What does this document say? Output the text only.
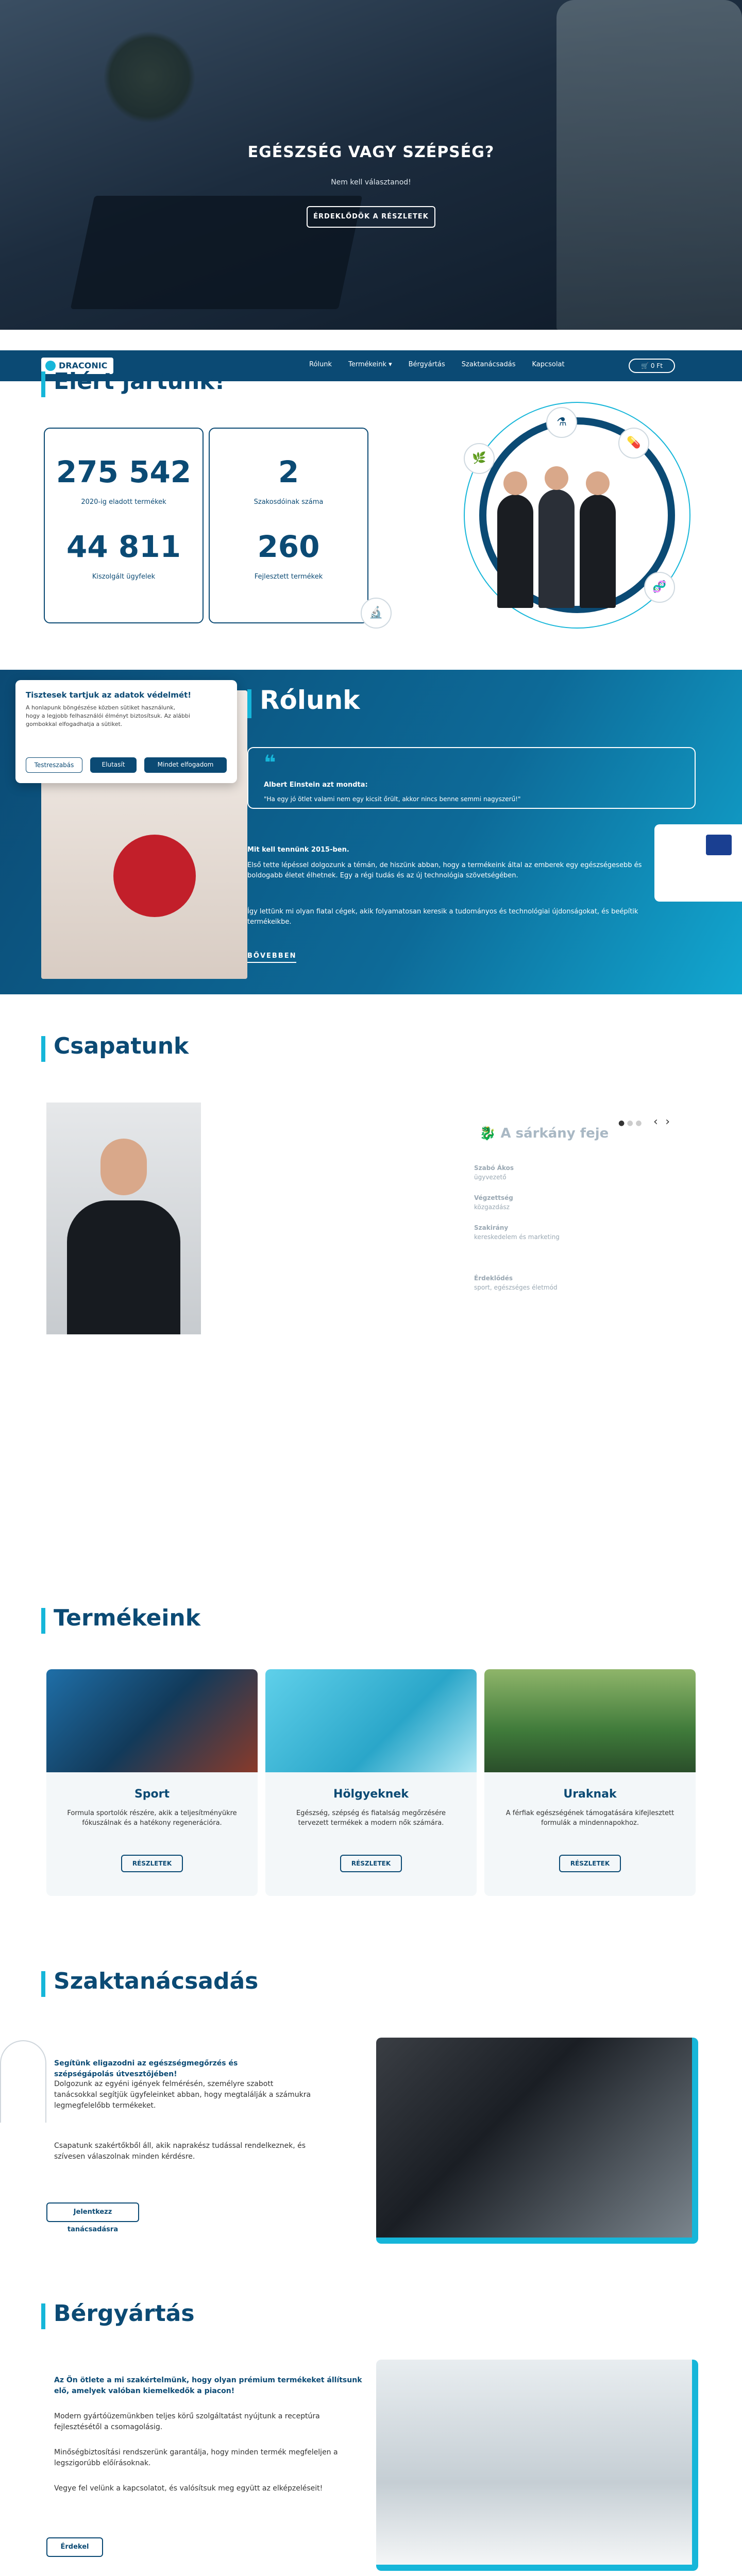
EGÉSZSÉG VAGY SZÉPSÉG?

Nem kell választanod!

ÉRDEKLŐDÖK A RÉSZLETEK
DRACONIC	Rólunk Termékeink ▾ Bérgyártás Szaktanácsadás Kapcsolat	🛒 0 Ft
Elért jártunk!
275 542
2020-ig eladott termékek
44 811
Kiszolgált ügyfelek
2
Szakosdóinak száma
260
Fejlesztett termékek
🔬
⚗
💊
🧬
🌿
Rólunk
❝
Albert Einstein azt mondta:
"Ha egy jó ötlet valami nem egy kicsit őrült, akkor nincs benne semmi nagyszerű!"
Mit kell tennünk 2015-ben.
Első tette lépéssel dolgozunk a témán, de hiszünk abban, hogy a termékeink által az emberek egy egészségesebb és boldogabb életet élhetnek. Egy a régi tudás és az új technológia szövetségében.
Így lettünk mi olyan fiatal cégek, akik folyamatosan keresik a tudományos és technológiai újdonságokat, és beépítik termékeikbe.
BŐVEBBEN
Tisztesek tartjuk az adatok védelmét!

A honlapunk böngészése közben sütiket használunk, hogy a legjobb felhasználói élményt biztosítsuk. Az alábbi gombokkal elfogadhatja a sütiket.

Testreszabás	Elutasít	Mindet elfogadom
Csapatunk
● ● ● ‹ ›
🐉 A sárkány feje
Szabó Ákos
ügyvezető
Végzettség
közgazdász
Szakirány
kereskedelem és marketing
Érdeklődés
sport, egészséges életmód
Termékeink
Sport

Formula sportolók részére, akik a teljesítményükre fókuszálnak és a hatékony regenerációra.

RÉSZLETEK
Hölgyeknek

Egészség, szépség és fiatalság megőrzésére tervezett termékek a modern nők számára.

RÉSZLETEK
Uraknak

A férfiak egészségének támogatására kifejlesztett formulák a mindennapokhoz.

RÉSZLETEK
Szaktanácsadás
Segítünk eligazodni az egészségmegőrzés és szépségápolás útvesztőjében!
Dolgozunk az egyéni igények felmérésén, személyre szabott tanácsokkal segítjük ügyfeleinket abban, hogy megtalálják a számukra legmegfelelőbb termékeket.
Csapatunk szakértőkből áll, akik naprakész tudással rendelkeznek, és szívesen válaszolnak minden kérdésre.
Jelentkezz tanácsadásra
Bérgyártás
Az Ön ötlete a mi szakértelmünk, hogy olyan prémium termékeket állítsunk elő, amelyek valóban kiemelkedők a piacon!
Modern gyártóüzemünkben teljes körű szolgáltatást nyújtunk a receptúra fejlesztésétől a csomagolásig.
Minőségbiztosítási rendszerünk garantálja, hogy minden termék megfeleljen a legszigorúbb előírásoknak.
Vegye fel velünk a kapcsolatot, és valósítsuk meg együtt az elképzeléseit!
Érdekel
